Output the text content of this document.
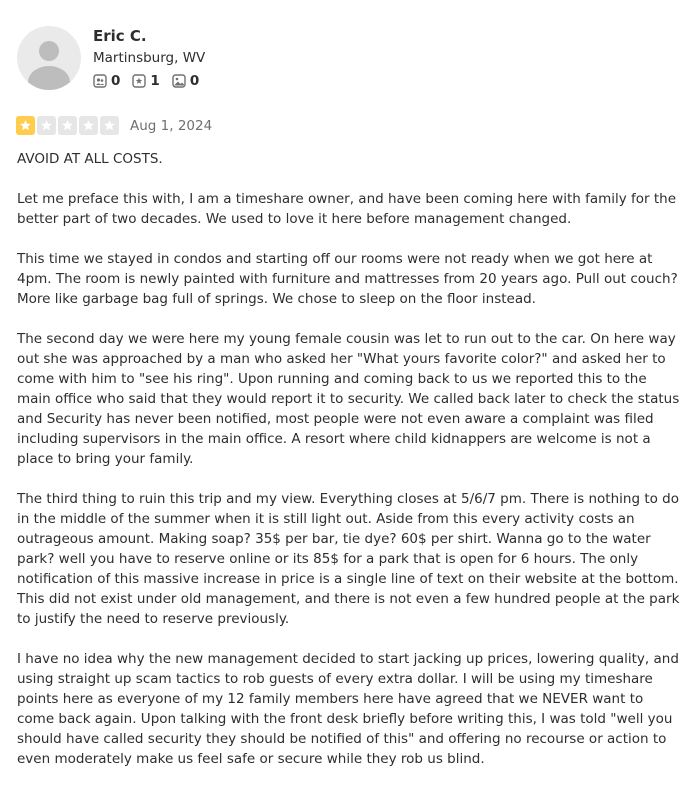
Eric C.
Martinsburg, WV
0 1 0
Aug 1, 2024

AVOID AT ALL COSTS.

Let me preface this with, I am a timeshare owner, and have been coming here with family for the better part of two decades. We used to love it here before management changed.

This time we stayed in condos and starting off our rooms were not ready when we got here at 4pm. The room is newly painted with furniture and mattresses from 20 years ago. Pull out couch? More like garbage bag full of springs. We chose to sleep on the floor instead.

The second day we were here my young female cousin was let to run out to the car. On here way out she was approached by a man who asked her "What yours favorite color?" and asked her to come with him to "see his ring". Upon running and coming back to us we reported this to the main office who said that they would report it to security. We called back later to check the status and Security has never been notified, most people were not even aware a complaint was filed including supervisors in the main office. A resort where child kidnappers are welcome is not a place to bring your family.

The third thing to ruin this trip and my view. Everything closes at 5/6/7 pm. There is nothing to do in the middle of the summer when it is still light out. Aside from this every activity costs an outrageous amount. Making soap? 35$ per bar, tie dye? 60$ per shirt. Wanna go to the water park? well you have to reserve online or its 85$ for a park that is open for 6 hours. The only notification of this massive increase in price is a single line of text on their website at the bottom. This did not exist under old management, and there is not even a few hundred people at the park to justify the need to reserve previously.

I have no idea why the new management decided to start jacking up prices, lowering quality, and using straight up scam tactics to rob guests of every extra dollar. I will be using my timeshare points here as everyone of my 12 family members here have agreed that we NEVER want to come back again. Upon talking with the front desk briefly before writing this, I was told "well you should have called security they should be notified of this" and offering no recourse or action to even moderately make us feel safe or secure while they rob us blind.
